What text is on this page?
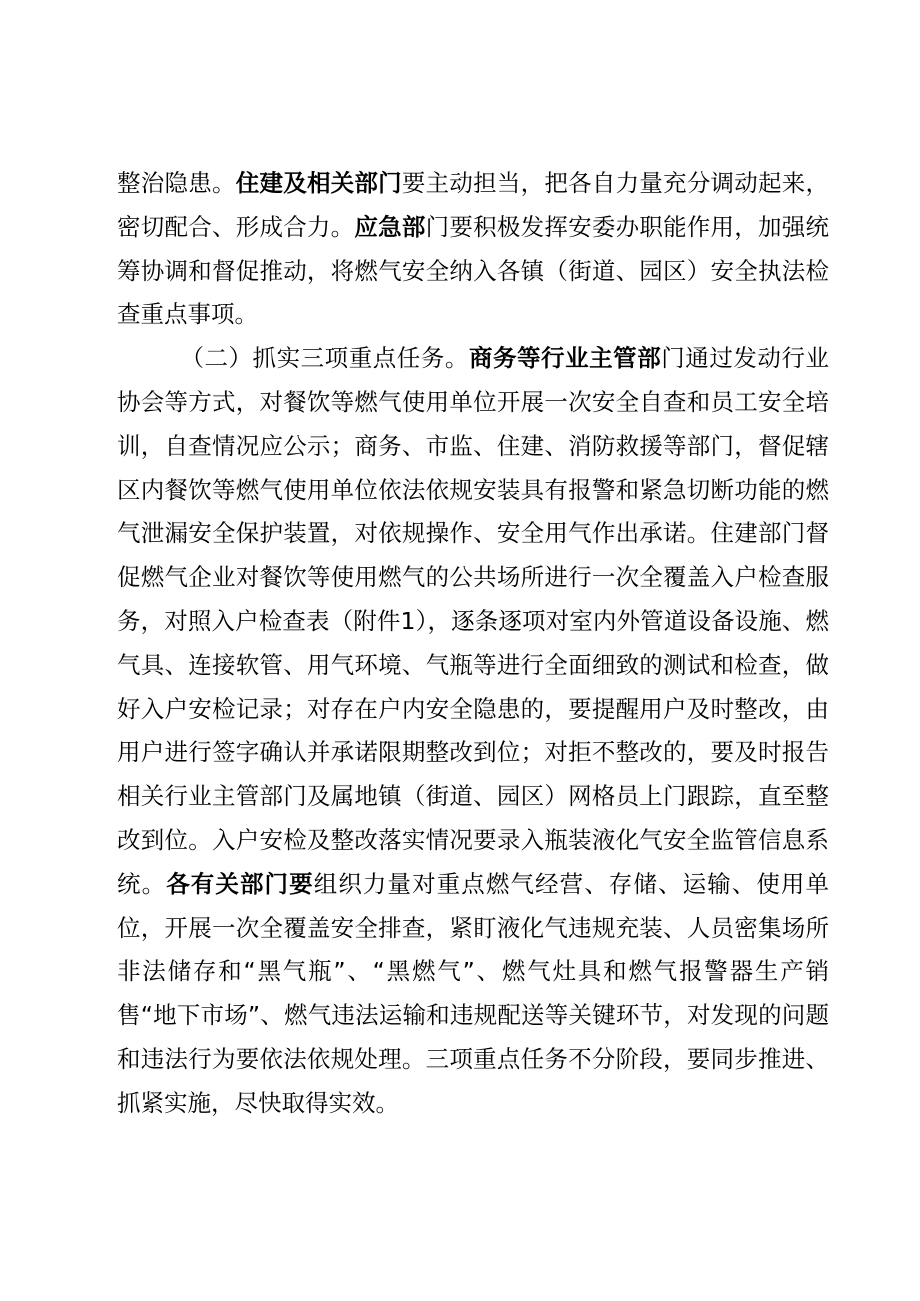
整治隐患。住建及相关部门要主动担当，把各自力量充分调动起来，密切配合、形成合力。应急部门要积极发挥安委办职能作用，加强统筹协调和督促推动，将燃气安全纳入各镇（街道、园区）安全执法检查重点事项。

（二）抓实三项重点任务。商务等行业主管部门通过发动行业协会等方式，对餐饮等燃气使用单位开展一次安全自查和员工安全培训，自查情况应公示；商务、市监、住建、消防救援等部门，督促辖区内餐饮等燃气使用单位依法依规安装具有报警和紧急切断功能的燃气泄漏安全保护装置，对依规操作、安全用气作出承诺。住建部门督促燃气企业对餐饮等使用燃气的公共场所进行一次全覆盖入户检查服务，对照入户检查表（附件1），逐条逐项对室内外管道设备设施、燃气具、连接软管、用气环境、气瓶等进行全面细致的测试和检查，做好入户安检记录；对存在户内安全隐患的，要提醒用户及时整改，由用户进行签字确认并承诺限期整改到位；对拒不整改的，要及时报告相关行业主管部门及属地镇（街道、园区）网格员上门跟踪，直至整改到位。入户安检及整改落实情况要录入瓶装液化气安全监管信息系统。各有关部门要组织力量对重点燃气经营、存储、运输、使用单位，开展一次全覆盖安全排查，紧盯液化气违规充装、人员密集场所非法储存和“黑气瓶”、“黑燃气”、燃气灶具和燃气报警器生产销售“地下市场”、燃气违法运输和违规配送等关键环节，对发现的问题和违法行为要依法依规处理。三项重点任务不分阶段，要同步推进、抓紧实施，尽快取得实效。
